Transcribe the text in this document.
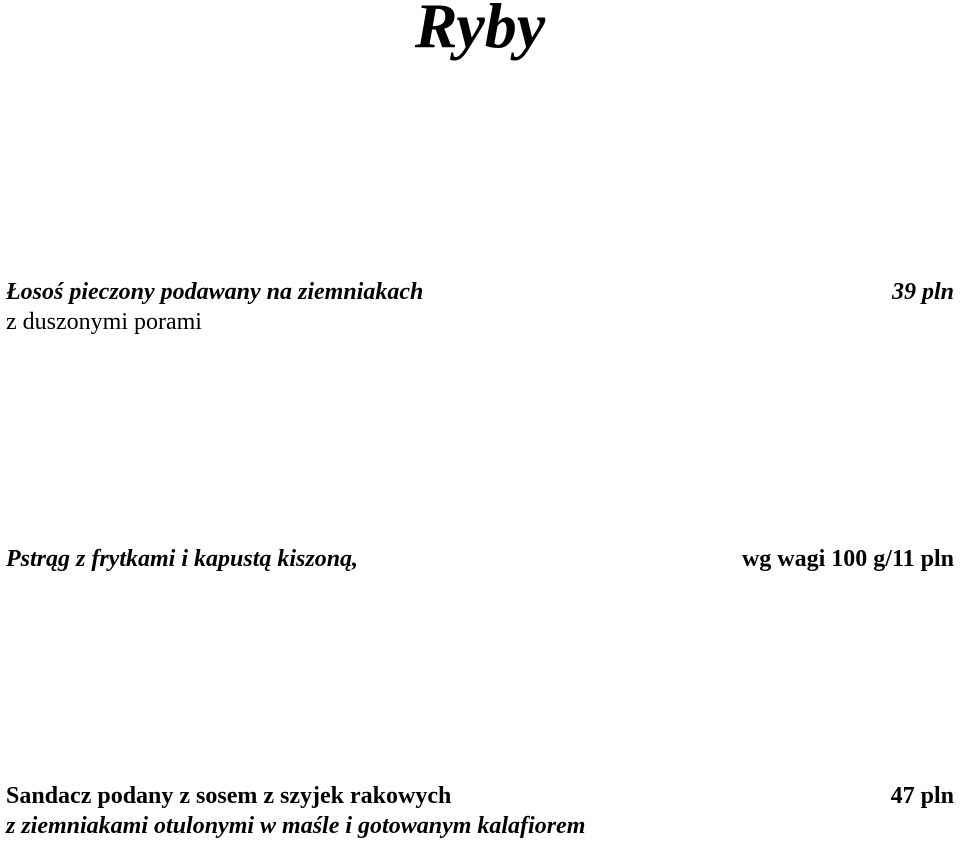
Ryby
Łosoś pieczony podawany na ziemniakach	39 pln
z duszonymi porami
Pstrąg z frytkami i kapustą kiszoną,	wg wagi 100 g/11 pln
Sandacz podany z sosem z szyjek rakowych	47 pln
z ziemniakami otulonymi w maśle i gotowanym kalafiorem
